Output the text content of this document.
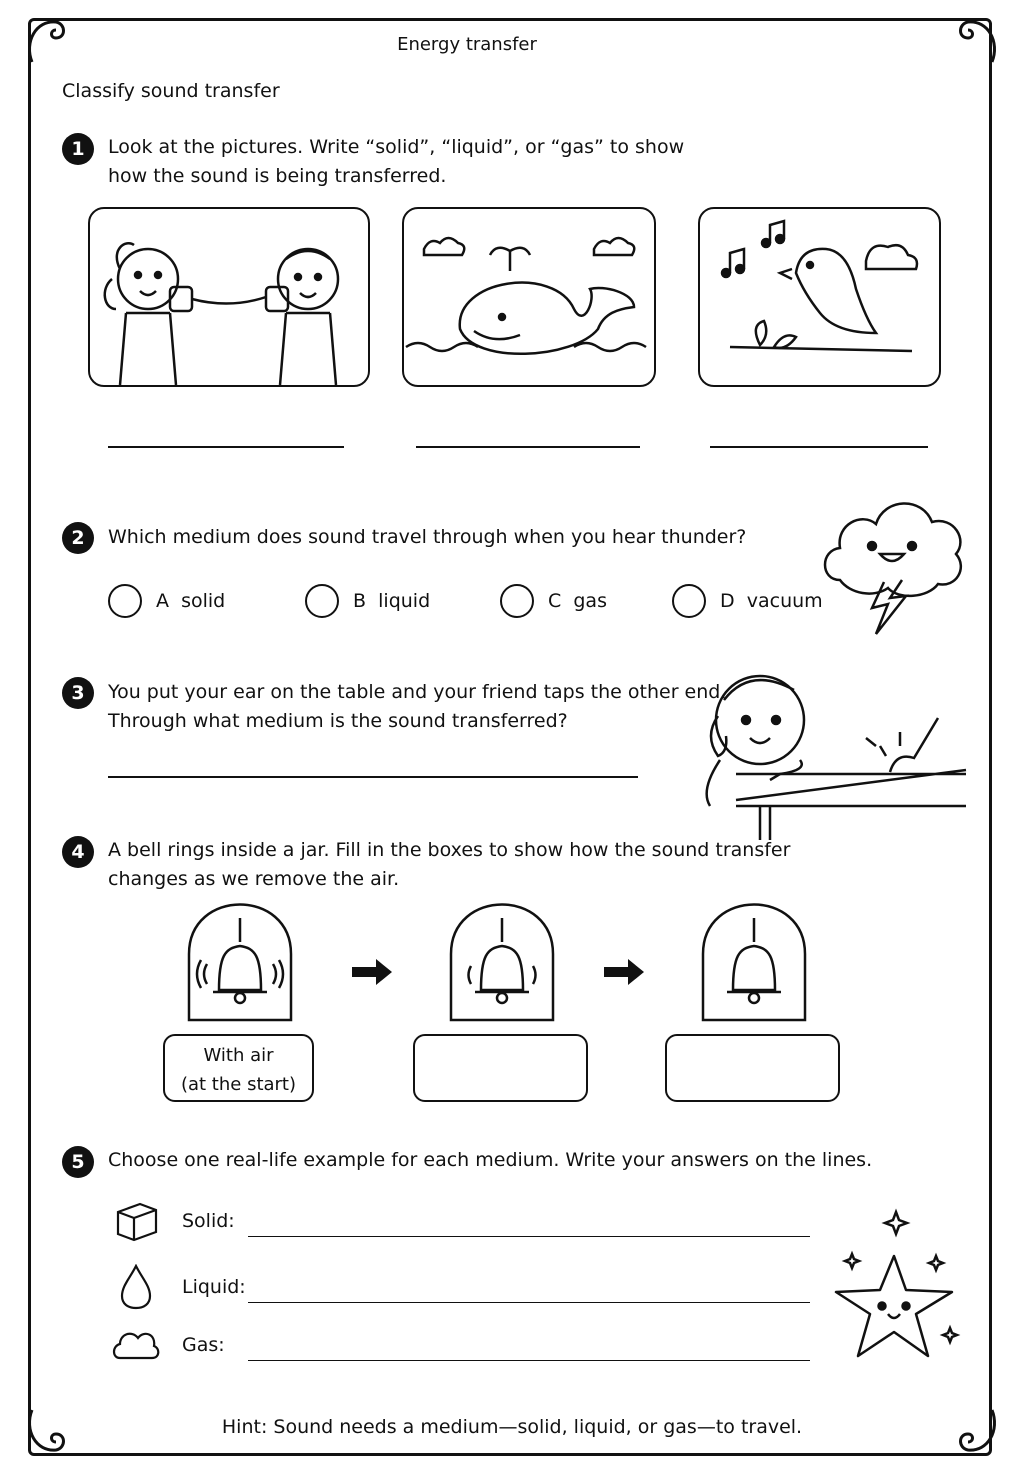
Energy transfer
Classify sound transfer
1	Look at the pictures. Write “solid”, “liquid”, or “gas” to show
how the sound is being transferred.
2	Which medium does sound travel through when you hear thunder?
A solid	B liquid	C gas	D vacuum
3	You put your ear on the table and your friend taps the other end.
Through what medium is the sound transferred?
4	A bell rings inside a jar. Fill in the boxes to show how the sound transfer
changes as we remove the air.
With air
(at the start)
5	Choose one real-life example for each medium. Write your answers on the lines.
Solid:
Liquid:
Gas:
Hint: Sound needs a medium—solid, liquid, or gas—to travel.
